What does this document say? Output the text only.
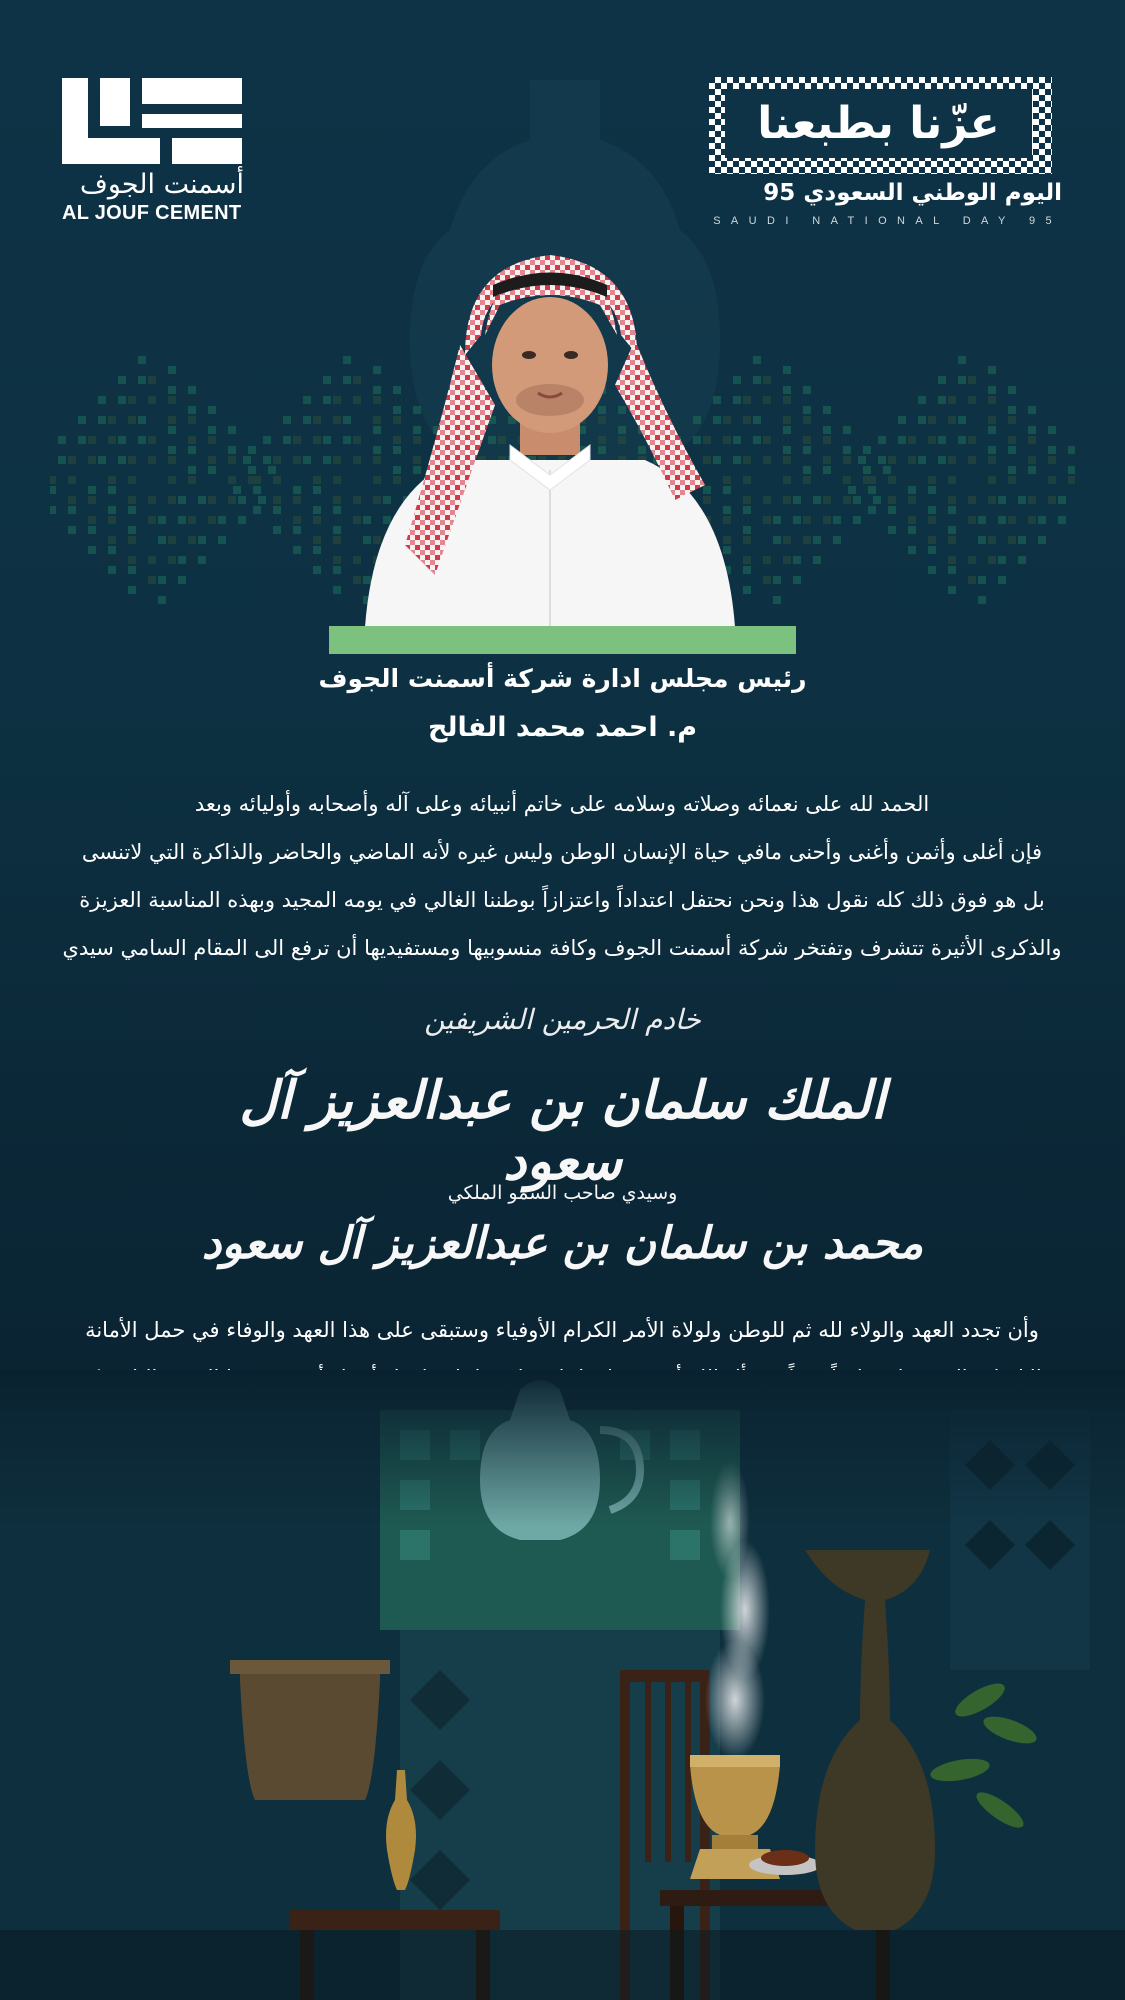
أسمنت الجوف
AL JOUF CEMENT
عزّنا بطبعنا
اليوم الوطني السعودي 95
SAUDI NATIONAL DAY 95
رئيس مجلس ادارة شركة أسمنت الجوف
م. احمد محمد الفالح
الحمد لله على نعمائه وصلاته وسلامه على خاتم أنبيائه وعلى آله وأصحابه وأوليائه وبعد
فإن أغلى وأثمن وأغنى وأحنى مافي حياة الإنسان الوطن وليس غيره لأنه الماضي والحاضر والذاكرة التي لاتنسى
بل هو فوق ذلك كله نقول هذا ونحن نحتفل اعتداداً واعتزازاً بوطننا الغالي في يومه المجيد وبهذه المناسبة العزيزة
والذكرى الأثيرة تتشرف وتفتخر شركة أسمنت الجوف وكافة منسوبيها ومستفيديها أن ترفع الى المقام السامي سيدي
خادم الحرمين الشريفين
الملك سلمان بن عبدالعزيز آل سعود
وسيدي صاحب السمو الملكي
محمد بن سلمان بن عبدالعزيز آل سعود
وأن تجدد العهد والولاء لله ثم للوطن ولولاة الأمر الكرام الأوفياء وستبقى على هذا العهد والوفاء في حمل الأمانة
